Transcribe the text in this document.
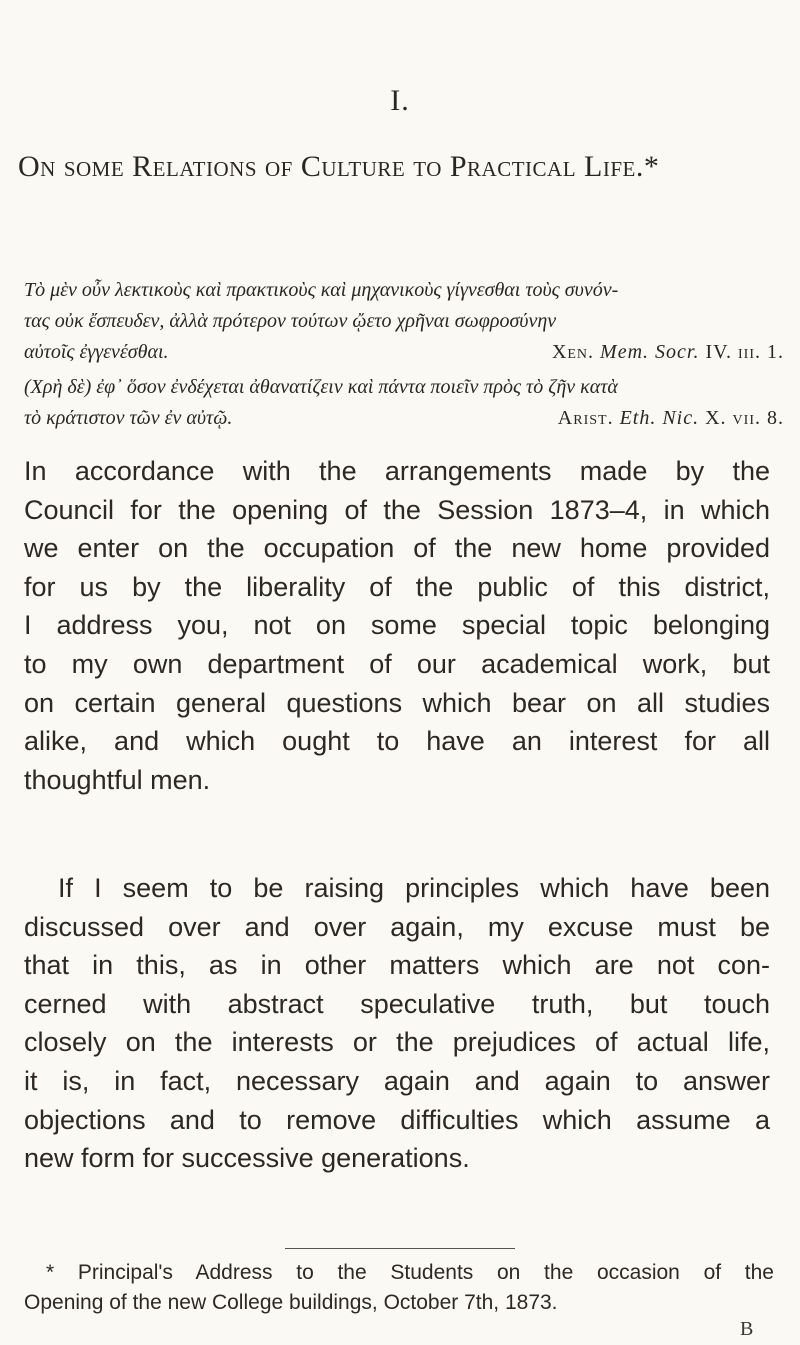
I.
On some Relations of Culture to Practical Life.*
Τὸ μὲν οὖν λεκτικοὺς καὶ πρακτικοὺς καὶ μηχανικοὺς γίγνεσθαι τοὺς συνόν-
τας οὐκ ἔσπευδεν, ἀλλὰ πρότερον τούτων ᾤετο χρῆναι σωφροσύνην
αὐτοῖς ἐγγενέσθαι.	Xen. Mem. Socr. IV. iii. 1.
(Χρὴ δὲ) ἐφ᾽ ὅσον ἐνδέχεται ἀθανατίζειν καὶ πάντα ποιεῖν πρὸς τὸ ζῆν κατὰ
τὸ κράτιστον τῶν ἐν αὐτῷ.	Arist. Eth. Nic. X. vii. 8.
In accordance with the arrangements made by the
Council for the opening of the Session 1873–4, in which
we enter on the occupation of the new home provided
for us by the liberality of the public of this district,
I address you, not on some special topic belonging
to my own department of our academical work, but
on certain general questions which bear on all studies
alike, and which ought to have an interest for all
thoughtful men.
If I seem to be raising principles which have been
discussed over and over again, my excuse must be
that in this, as in other matters which are not con-
cerned with abstract speculative truth, but touch
closely on the interests or the prejudices of actual life,
it is, in fact, necessary again and again to answer
objections and to remove difficulties which assume a
new form for successive generations.
* Principal's Address to the Students on the occasion of the
Opening of the new College buildings, October 7th, 1873.
B
